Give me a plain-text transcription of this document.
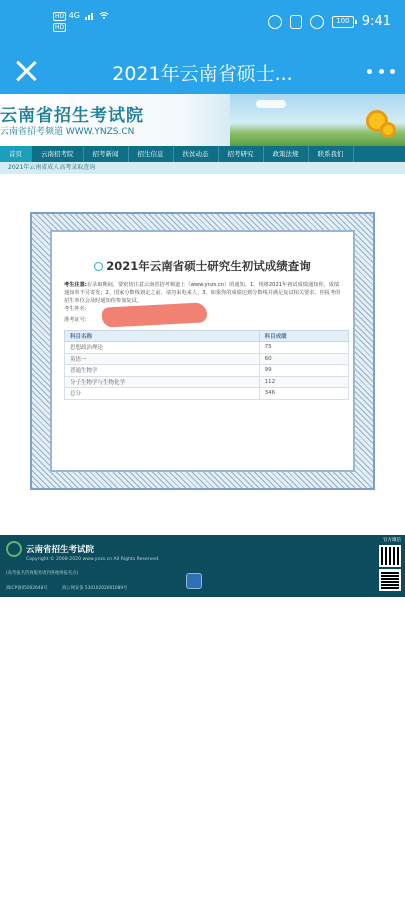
HD 4G
HD
100 9:41
2021年云南省硕士...
云南省招生考试院
云南省招考频道 WWW.YNZS.CN
首页	云南招考院	招考新闻	招生信息	扶贫动态	招考研究	政策法规	联系我们
2021年云南省成人高考录取查询
2021年云南省硕士研究生初试成绩查询
考生注意:在录取期间，要密切注意云南省招考频道上（www.ynzs.cn）的通知。1、现将2021年初试成绩通知你，成绩通知单不另寄发；2、国家分数线划定之前，请勿来电来人；3、如果你的成绩达到分数线并满足复试相关要求，你报考的招生单位会及时通知你参加复试。
考生姓名:
准考证号:
科目名称	科目成绩
思想政治理论	75
英语一	60
普通生物学	99
分子生物学与生物化学	112
总分	346
云南省招生考试院
Copyright © 2008-2020 www.ynzs.cn All Rights Reserved.
(高考报名咨询服务请到各地州报名点)
滇ICP备05002648号	滇公网安备 53010202001089号
官方微信
